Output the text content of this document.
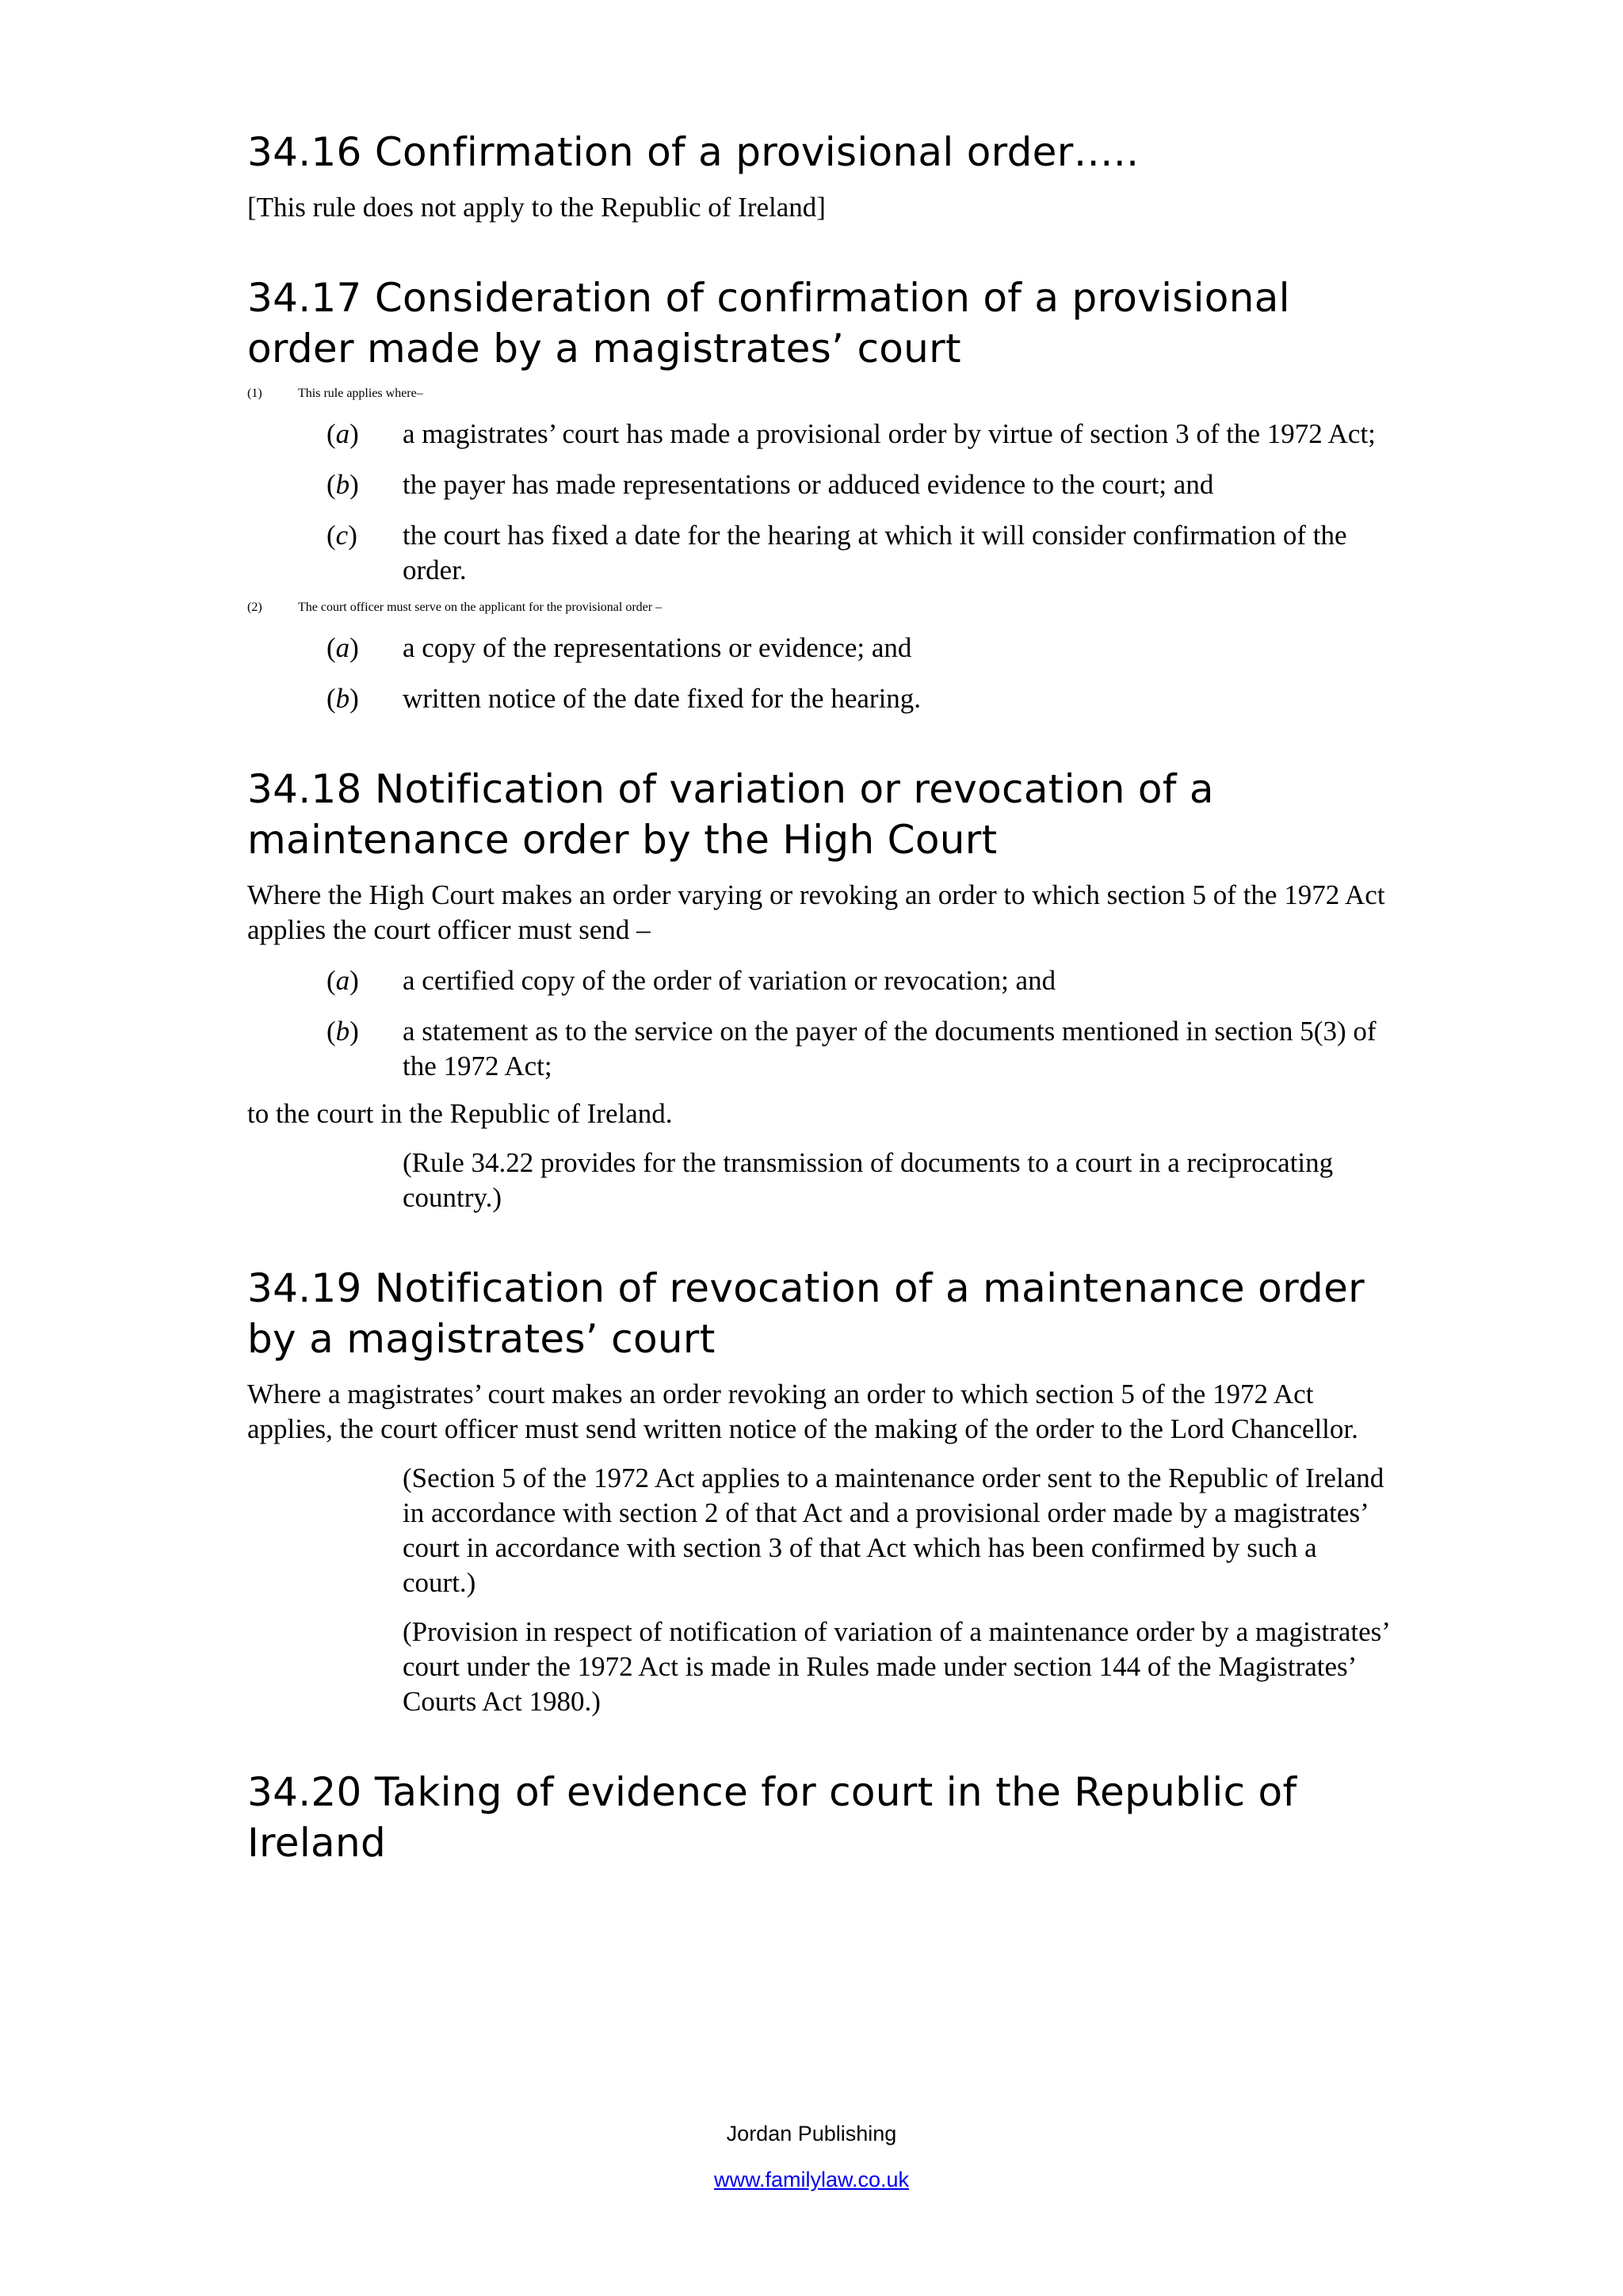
34.16 Confirmation of a provisional order…..

[This rule does not apply to the Republic of Ireland]

34.17 Consideration of confirmation of a provisional
order made by a magistrates’ court
(1)	This rule applies where–
(a)	a magistrates’ court has made a provisional order by virtue of section 3 of the 1972 Act;
(b)	the payer has made representations or adduced evidence to the court; and
(c)	the court has fixed a date for the hearing at which it will consider confirmation of the order.
(2)	The court officer must serve on the applicant for the provisional order –
(a)	a copy of the representations or evidence; and
(b)	written notice of the date fixed for the hearing.
34.18 Notification of variation or revocation of a
maintenance order by the High Court

Where the High Court makes an order varying or revoking an order to which section 5 of the 1972 Act applies the court officer must send –

(a)	a certified copy of the order of variation or revocation; and
(b)	a statement as to the service on the payer of the documents mentioned in section 5(3) of the 1972 Act;

to the court in the Republic of Ireland.

(Rule 34.22 provides for the transmission of documents to a court in a reciprocating country.)

34.19 Notification of revocation of a maintenance order
by a magistrates’ court

Where a magistrates’ court makes an order revoking an order to which section 5 of the 1972 Act applies, the court officer must send written notice of the making of the order to the Lord Chancellor.

(Section 5 of the 1972 Act applies to a maintenance order sent to the Republic of Ireland in accordance with section 2 of that Act and a provisional order made by a magistrates’ court in accordance with section 3 of that Act which has been confirmed by such a court.)

(Provision in respect of notification of variation of a maintenance order by a magistrates’ court under the 1972 Act is made in Rules made under section 144 of the Magistrates’ Courts Act 1980.)

34.20 Taking of evidence for court in the Republic of
Ireland
Jordan Publishing
www.familylaw.co.uk
